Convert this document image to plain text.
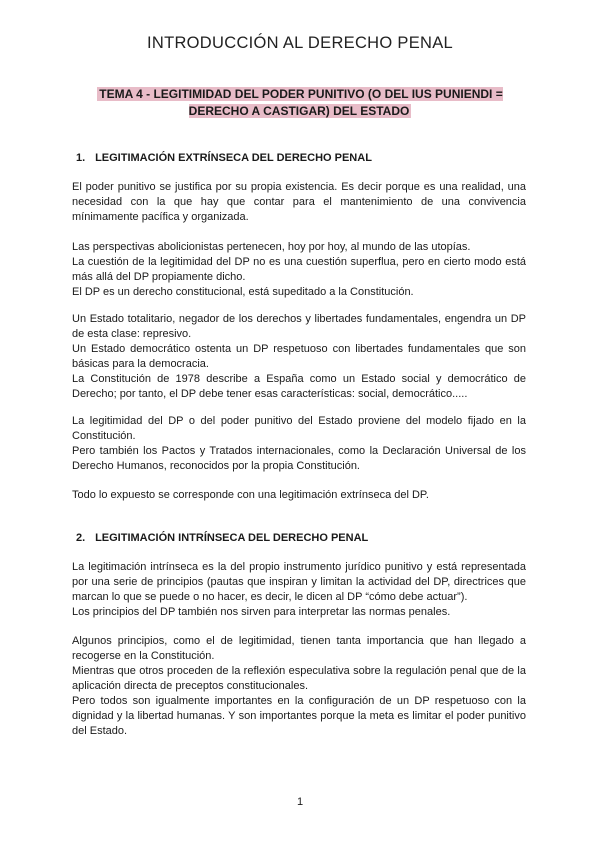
INTRODUCCIÓN AL DERECHO PENAL
TEMA 4 - LEGITIMIDAD DEL PODER PUNITIVO (O DEL IUS PUNIENDI = DERECHO A CASTIGAR) DEL ESTADO
1. LEGITIMACIÓN EXTRÍNSECA DEL DERECHO PENAL

El poder punitivo se justifica por su propia existencia. Es decir porque es una realidad, una necesidad con la que hay que contar para el mantenimiento de una convivencia mínimamente pacífica y organizada.

Las perspectivas abolicionistas pertenecen, hoy por hoy, al mundo de las utopías.

La cuestión de la legitimidad del DP no es una cuestión superflua, pero en cierto modo está más allá del DP propiamente dicho.

El DP es un derecho constitucional, está supeditado a la Constitución.

Un Estado totalitario, negador de los derechos y libertades fundamentales, engendra un DP de esta clase: represivo.

Un Estado democrático ostenta un DP respetuoso con libertades fundamentales que son básicas para la democracia.

La Constitución de 1978 describe a España como un Estado social y democrático de Derecho; por tanto, el DP debe tener esas características: social, democrático.....

La legitimidad del DP o del poder punitivo del Estado proviene del modelo fijado en la Constitución.

Pero también los Pactos y Tratados internacionales, como la Declaración Universal de los Derecho Humanos, reconocidos por la propia Constitución.

Todo lo expuesto se corresponde con una legitimación extrínseca del DP.

2. LEGITIMACIÓN INTRÍNSECA DEL DERECHO PENAL

La legitimación intrínseca es la del propio instrumento jurídico punitivo y está representada por una serie de principios (pautas que inspiran y limitan la actividad del DP, directrices que marcan lo que se puede o no hacer, es decir, le dicen al DP “cómo debe actuar”).

Los principios del DP también nos sirven para interpretar las normas penales.

Algunos principios, como el de legitimidad, tienen tanta importancia que han llegado a recogerse en la Constitución.

Mientras que otros proceden de la reflexión especulativa sobre la regulación penal que de la aplicación directa de preceptos constitucionales.

Pero todos son igualmente importantes en la configuración de un DP respetuoso con la dignidad y la libertad humanas. Y son importantes porque la meta es limitar el poder punitivo del Estado.

1
